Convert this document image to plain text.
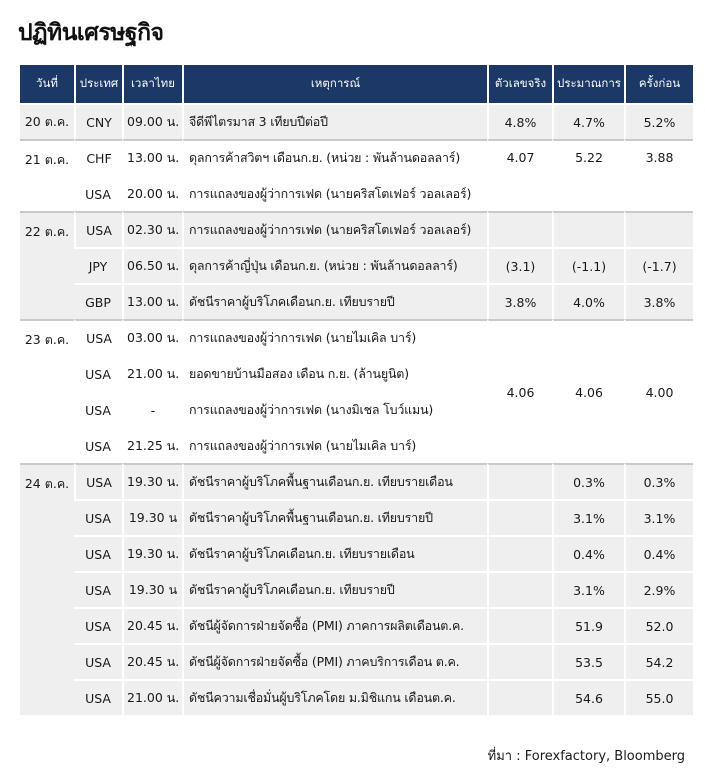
ปฏิทินเศรษฐกิจ
วันที่	ประเทศ	เวลาไทย	เหตุการณ์	ตัวเลขจริง	ประมาณการ	ครั้งก่อน
20 ต.ค.	CNY	09.00 น.	จีดีพีไตรมาส 3 เทียบปีต่อปี	4.8%	4.7%	5.2%
21 ต.ค.	CHF	13.00 น.	ดุลการค้าสวิตฯ เดือนก.ย. (หน่วย : พันล้านดอลลาร์)	4.07	5.22	3.88
	USA	20.00 น.	การแถลงของผู้ว่าการเฟด (นายคริสโตเฟอร์ วอลเลอร์)			
22 ต.ค.	USA	02.30 น.	การแถลงของผู้ว่าการเฟด (นายคริสโตเฟอร์ วอลเลอร์)			
	JPY	06.50 น.	ดุลการค้าญี่ปุ่น เดือนก.ย. (หน่วย : พันล้านดอลลาร์)	(3.1)	(-1.1)	(-1.7)
	GBP	13.00 น.	ดัชนีราคาผู้บริโภคเดือนก.ย. เทียบรายปี	3.8%	4.0%	3.8%
23 ต.ค.	USA	03.00 น.	การแถลงของผู้ว่าการเฟด (นายไมเคิล บาร์)	4.06	4.06	4.00
	USA	21.00 น.	ยอดขายบ้านมือสอง เดือน ก.ย. (ล้านยูนิต)			
	USA	-	การแถลงของผู้ว่าการเฟด (นางมิเชล โบว์แมน)			
	USA	21.25 น.	การแถลงของผู้ว่าการเฟด (นายไมเคิล บาร์)			
24 ต.ค.	USA	19.30 น.	ดัชนีราคาผู้บริโภคพื้นฐานเดือนก.ย. เทียบรายเดือน		0.3%	0.3%
	USA	19.30 น	ดัชนีราคาผู้บริโภคพื้นฐานเดือนก.ย. เทียบรายปี		3.1%	3.1%
	USA	19.30 น.	ดัชนีราคาผู้บริโภคเดือนก.ย. เทียบรายเดือน		0.4%	0.4%
	USA	19.30 น	ดัชนีราคาผู้บริโภคเดือนก.ย. เทียบรายปี		3.1%	2.9%
	USA	20.45 น.	ดัชนีผู้จัดการฝ่ายจัดซื้อ (PMI) ภาคการผลิตเดือนต.ค.		51.9	52.0
	USA	20.45 น.	ดัชนีผู้จัดการฝ่ายจัดซื้อ (PMI) ภาคบริการเดือน ต.ค.		53.5	54.2
	USA	21.00 น.	ดัชนีความเชื่อมั่นผู้บริโภคโดย ม.มิชิแกน เดือนต.ค.		54.6	55.0
ที่มา : Forexfactory, Bloomberg
